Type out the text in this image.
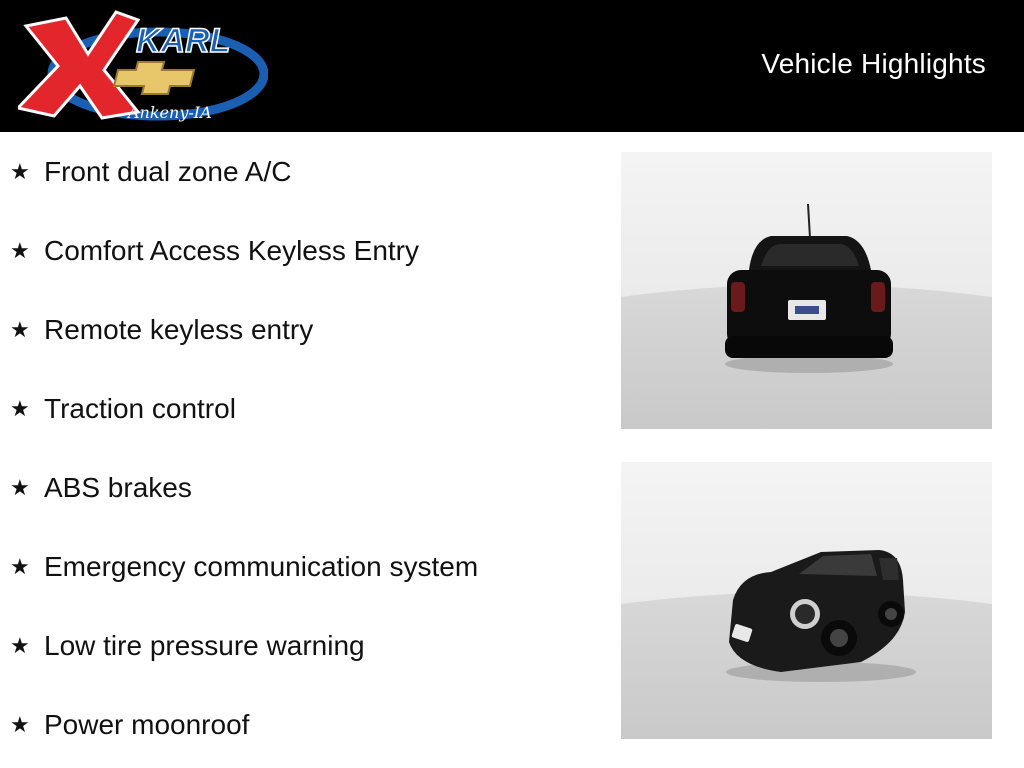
KARL
Ankeny-IA
Vehicle Highlights
★ Front dual zone A/C
★ Comfort Access Keyless Entry
★ Remote keyless entry
★ Traction control
★ ABS brakes
★ Emergency communication system
★ Low tire pressure warning
★ Power moonroof
